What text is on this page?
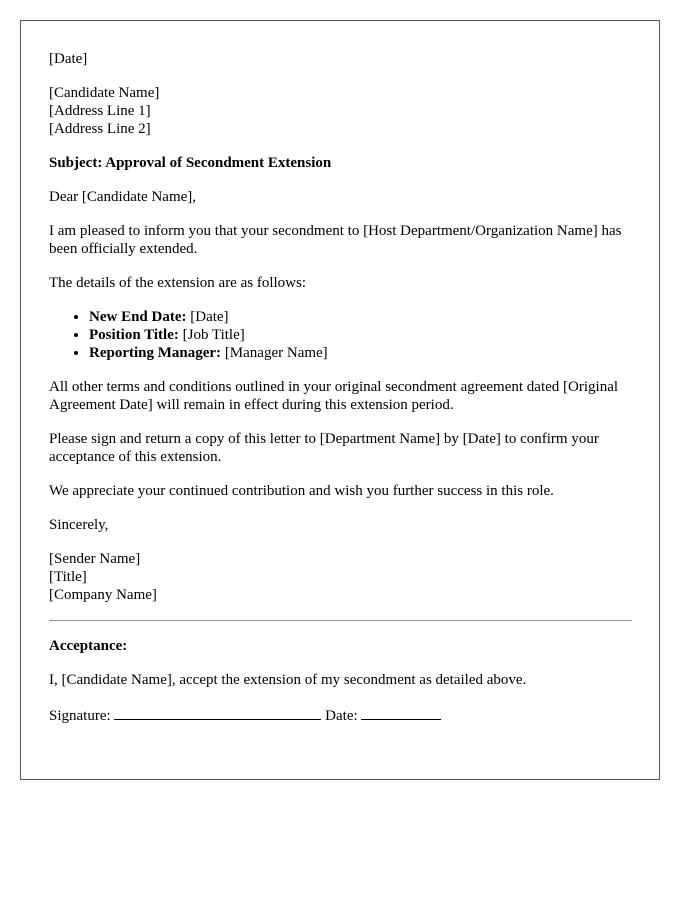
[Date]

[Candidate Name]
[Address Line 1]
[Address Line 2]

Subject: Approval of Secondment Extension

Dear [Candidate Name],

I am pleased to inform you that your secondment to [Host Department/Organization Name] has been officially extended.

The details of the extension are as follows:

• New End Date: [Date]
• Position Title: [Job Title]
• Reporting Manager: [Manager Name]

All other terms and conditions outlined in your original secondment agreement dated [Original Agreement Date] will remain in effect during this extension period.

Please sign and return a copy of this letter to [Department Name] by [Date] to confirm your acceptance of this extension.

We appreciate your continued contribution and wish you further success in this role.

Sincerely,

[Sender Name]
[Title]
[Company Name]

Acceptance:

I, [Candidate Name], accept the extension of my secondment as detailed above.

Signature:	Date:
